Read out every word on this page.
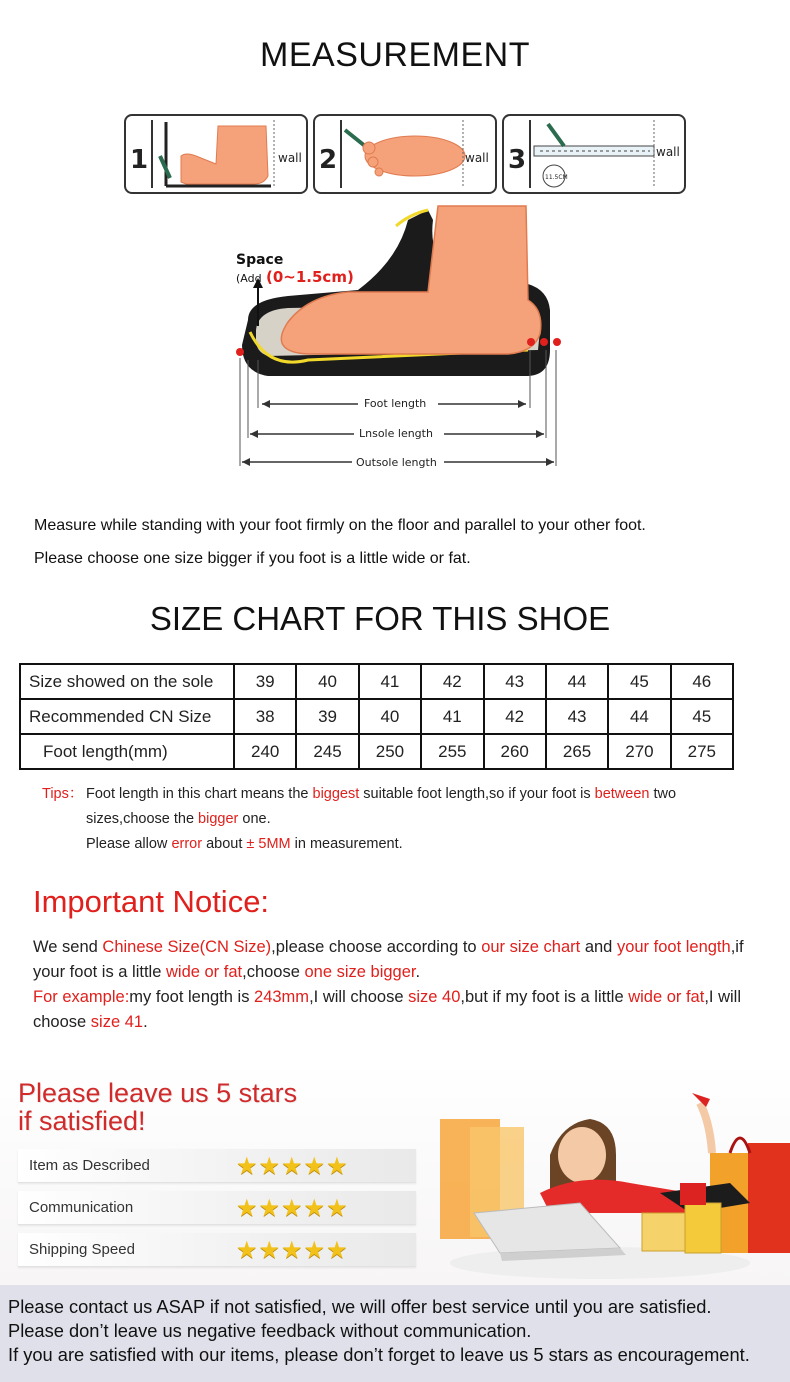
MEASUREMENT
1	wall 2	wall 3
11.5CM
wall
Space
(Add (0~1.5cm)
Foot length
Lnsole length
Outsole length
Measure while standing with your foot firmly on the floor and parallel to your other foot.
Please choose one size bigger if you foot is a little wide or fat.
SIZE CHART FOR THIS SHOE
Size showed on the sole	39	40	41	42	43	44	45	46
Recommended CN Size	38	39	40	41	42	43	44	45
Foot length(mm)	240	245	250	255	260	265	270	275
Tips： Foot length in this chart means the biggest suitable foot length,so if your foot is between two
sizes,choose the bigger one.
Please allow error about ± 5MM in measurement.
Important Notice:
We send Chinese Size(CN Size),please choose according to our size chart and your foot length,if your foot is a little wide or fat,choose one size bigger.
For example:my foot length is 243mm,I will choose size 40,but if my foot is a little wide or fat,I will choose size 41.
Please leave us 5 stars
if satisfied!
Item as Described	★★★★★
Communication	★★★★★
Shipping Speed	★★★★★
Please contact us ASAP if not satisfied, we will offer best service until you are satisfied.
Please don’t leave us negative feedback without communication.
If you are satisfied with our items, please don’t forget to leave us 5 stars as encouragement.
